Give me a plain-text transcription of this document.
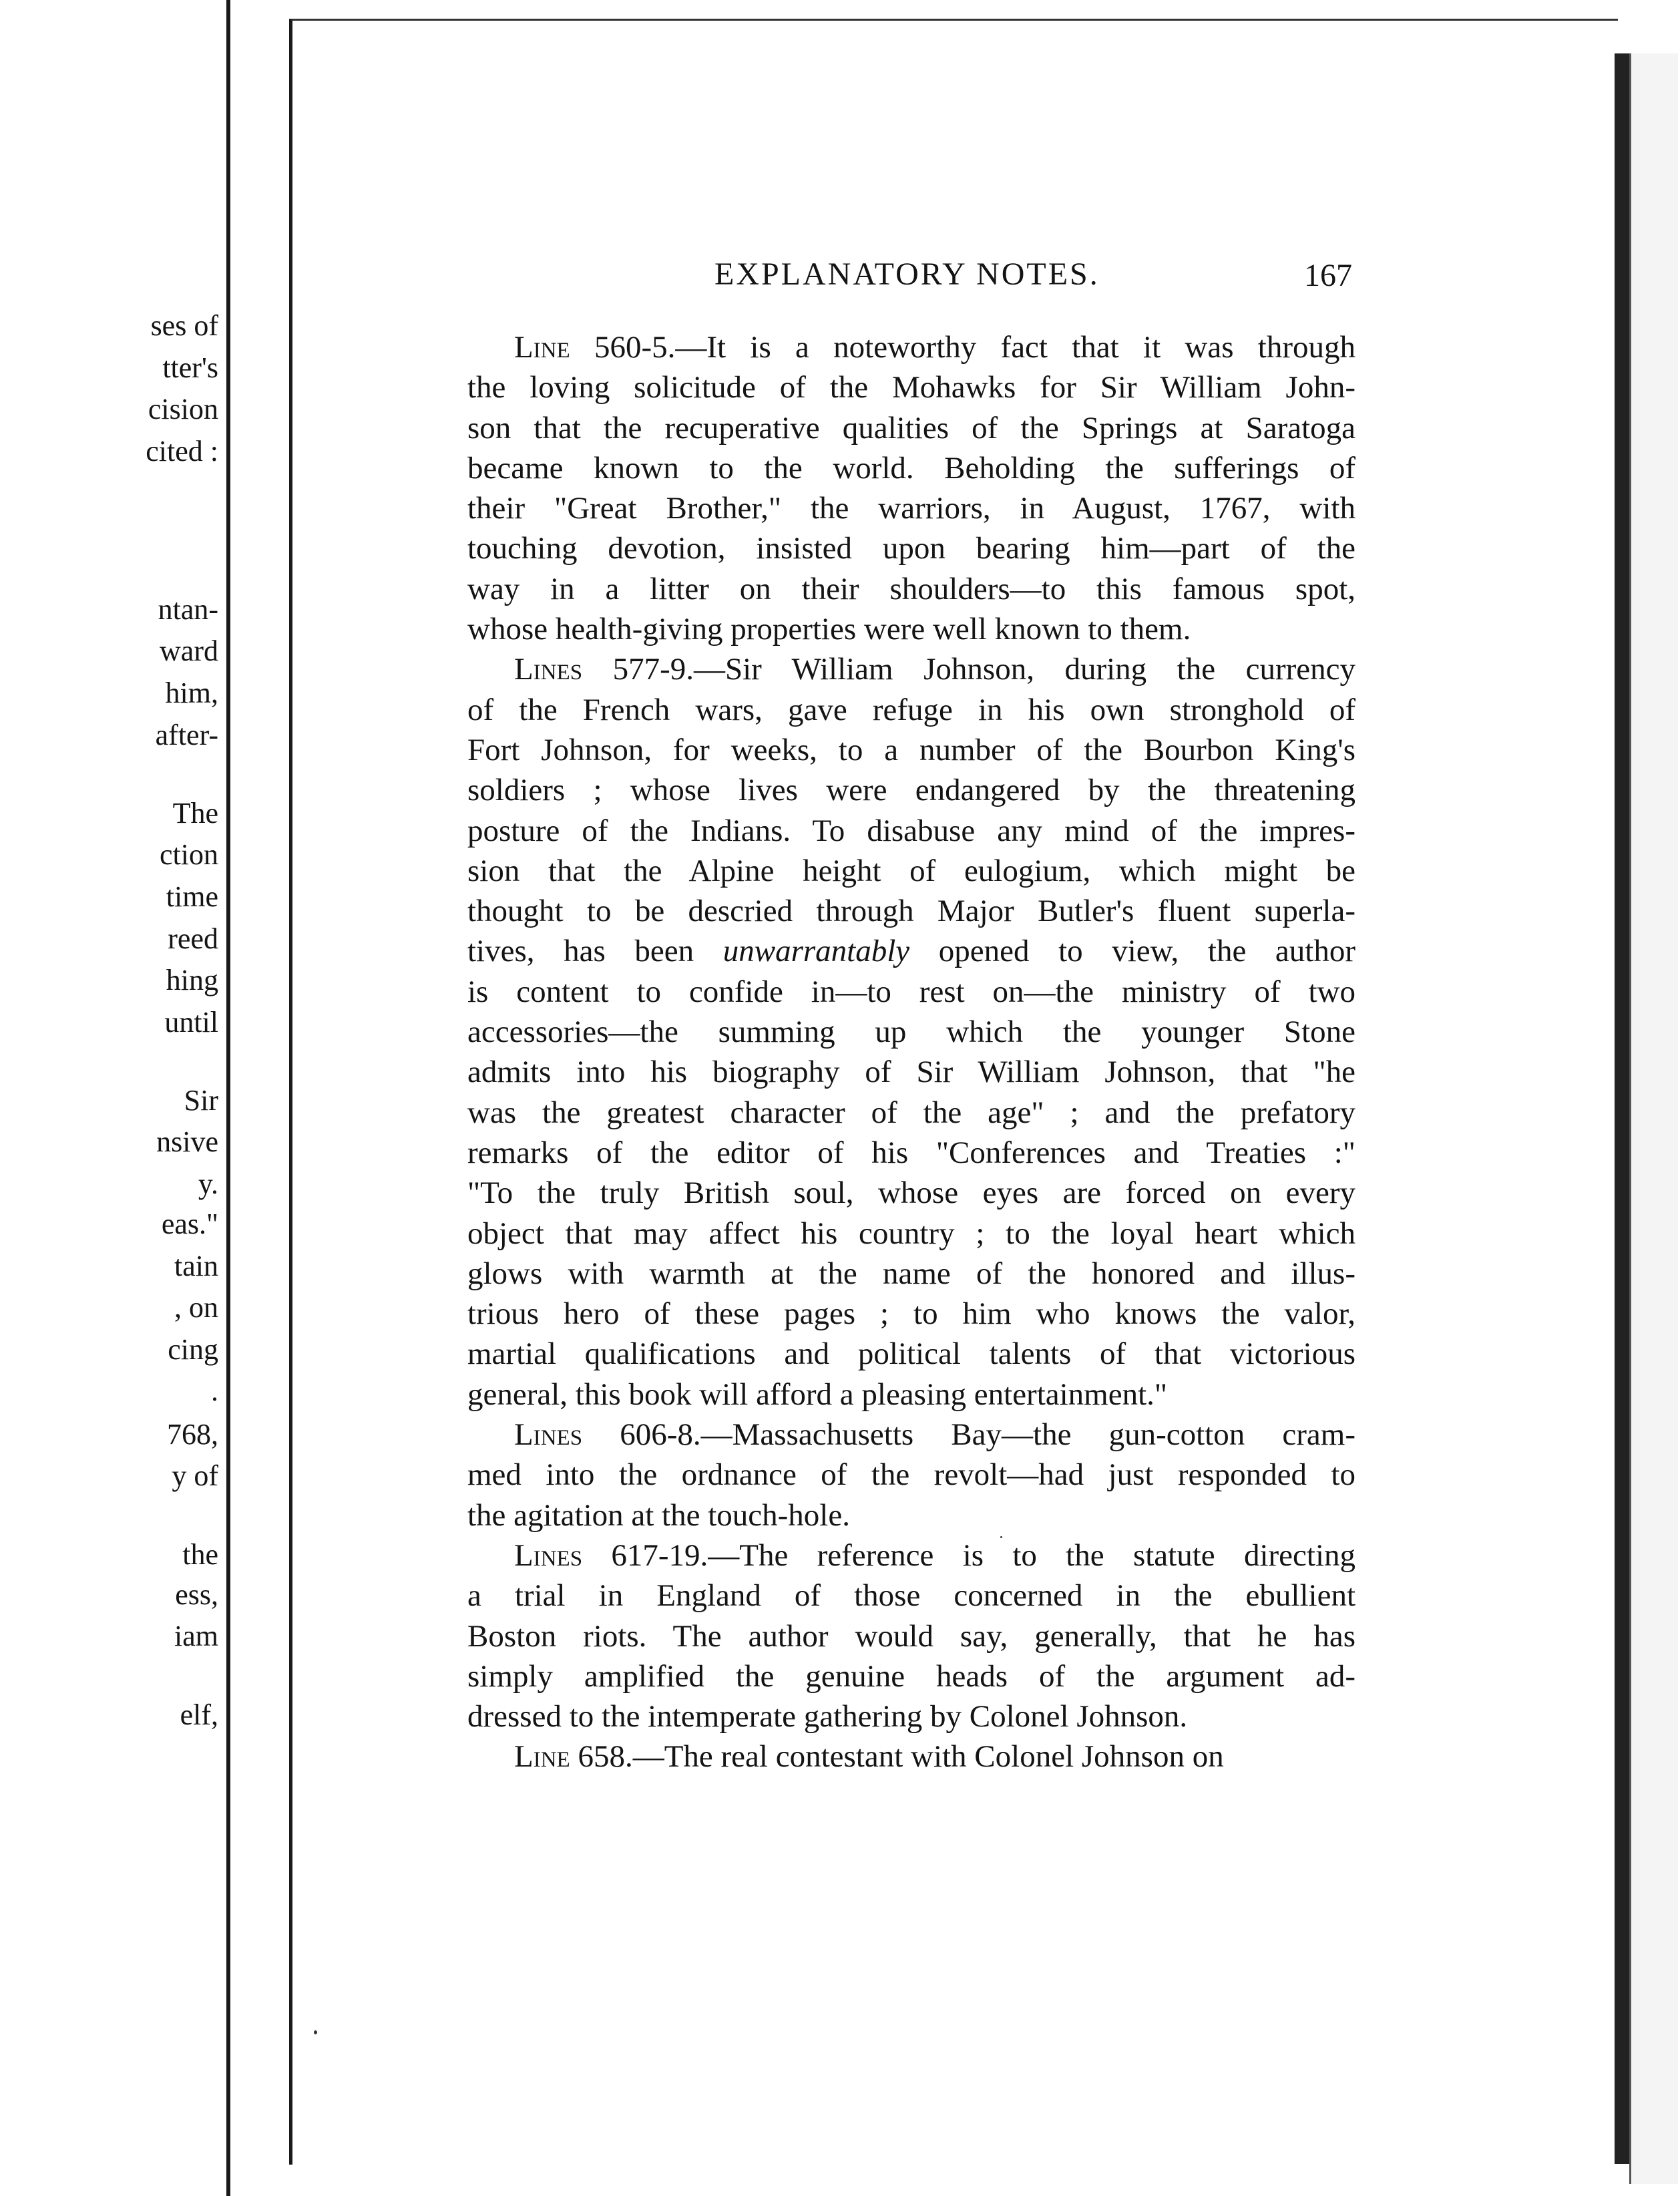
ses of
tter's
cision
cited :
ntan-
ward
him,
after-
The
ction
time
reed
hing
until
Sir
nsive
y.
eas."
tain
, on
cing
.
768,
y of
the
ess,
iam
elf,
EXPLANATORY NOTES.	167
Line 560-5.—It is a noteworthy fact that it was through
the loving solicitude of the Mohawks for Sir William John-
son that the recuperative qualities of the Springs at Saratoga
became known to the world. Beholding the sufferings of
their "Great Brother," the warriors, in August, 1767, with
touching devotion, insisted upon bearing him—part of the
way in a litter on their shoulders—to this famous spot,
whose health-giving properties were well known to them.
Lines 577-9.—Sir William Johnson, during the currency
of the French wars, gave refuge in his own stronghold of
Fort Johnson, for weeks, to a number of the Bourbon King's
soldiers ; whose lives were endangered by the threatening
posture of the Indians. To disabuse any mind of the impres-
sion that the Alpine height of eulogium, which might be
thought to be descried through Major Butler's fluent superla-
tives, has been unwarrantably opened to view, the author
is content to confide in—to rest on—the ministry of two
accessories—the summing up which the younger Stone
admits into his biography of Sir William Johnson, that "he
was the greatest character of the age" ; and the prefatory
remarks of the editor of his "Conferences and Treaties :"
"To the truly British soul, whose eyes are forced on every
object that may affect his country ; to the loyal heart which
glows with warmth at the name of the honored and illus-
trious hero of these pages ; to him who knows the valor,
martial qualifications and political talents of that victorious
general, this book will afford a pleasing entertainment."
Lines 606-8.—Massachusetts Bay—the gun-cotton cram-
med into the ordnance of the revolt—had just responded to
the agitation at the touch-hole.
Lines 617-19.—The reference is to the statute directing
a trial in England of those concerned in the ebullient
Boston riots. The author would say, generally, that he has
simply amplified the genuine heads of the argument ad-
dressed to the intemperate gathering by Colonel Johnson.
Line 658.—The real contestant with Colonel Johnson on
